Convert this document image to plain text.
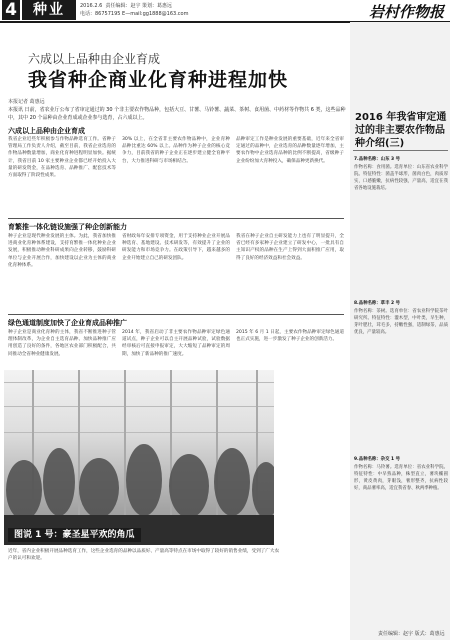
4	种业	2016.2.6 责任编辑：赵宇 策划：葛惠远
电话：86757195 E—mail:gg1888@163.com	岩村作物报
六成以上品种由企业育成
我省种企商业化育种进程加快
本报记者 葛惠远
本报讯 日前，省农业厅公布了省审定通过的 30 个非主要农作物品种，包括大豆、甘薯、马铃薯、蔬菜、茶树、食用菌、中药材等作物共 6 类，这些品种中，其中 20 个品种由企业育成或企业参与选育，占六成以上。
六成以上品种由企业育成
我省企业近些年积极参与作物品种选育工作。省种子管理局工作负责人介绍，截至目前，我省企业选育的作物品种数量增加，商业化育种进程明显加快。据统计，我省目前 10 家主要种业企业都已经开始投入大量的研发资金，在品种选育、品种推广、配套技术等方面取得了阶段性成果。
30% 以上，在全省非主要农作物品种中，企业育种品种比重达 60% 以上。品种作为种子企业的核心竞争力，目前我省的种子企业正在逐步建立健全育种平台，大力推进科研与市场相结合。
品种审定工作是种业发展的重要基础，近年来全省审定通过的品种中，企业选育的品种数量逐年增加，主要农作物中企业选育品种的比例不断提高，省级种子企业纷纷加大育种投入，确保品种更新换代。
育繁推一体化链设施强了种企创新能力
种子企业是现代种业发展的主体。为此，我省加快推进商业化育种体系建设，支持育繁推一体化种业企业发展，积极推动种业科研成果向企业转移，鼓励科研单位与企业开展合作，加快建设以企业为主体的商业化育种体系。
省财政每年安排专项资金，用于支持种业企业开展品种选育、基地建设、技术研发等，有效提升了企业的研发能力和市场竞争力。在政策引导下，越来越多的企业开始建立自己的研发团队。
我省在种子企业自主研发能力上也有了明显提升，全省已经有多家种子企业建立了研发中心，一批具有自主知识产权的品种在生产上得到大面积推广应用，取得了良好的经济效益和社会效益。
绿色通道制度加快了企业育成品种推广
种子企业是商业化育种的主体，我省不断推进种子管理体制改革，为企业自主选育品种、加快品种推广应用创造了良好的条件，各地区农业部门积极配合，共同推动全省种业健康发展。
2014 年，我省启动了非主要农作物品种审定绿色通道试点，种子企业可以自主开展品种试验，试验数据经审核后可直接申报审定，大大缩短了品种审定的周期，加快了新品种的推广速度。
2015 年 6 月 1 日起，主要农作物品种审定绿色通道也正式实施，进一步激发了种子企业的创新活力。
图说 1 号：豪圣星平欢的角瓜
近年，省内企业积极开展品种选育工作，这些企业选育的品种以品质好、产量高等特点在市场中取得了较好的销售业绩，受到了广大农户的认可和欢迎。
2016 年我省审定通过的非主要农作物品种介绍(三)
7.品种名称：山东 3 号
作物名称：食用菌。选育单位：山东省农业科学院。特征特性：菌盖半球形，菌肉白色，肉质厚实，口感脆嫩，抗病性较强，产量高，适宜在我省各地设施栽培。
8.品种名称：草丰 2 号
作物名称：茶树。选育单位：省农业科学院茶叶研究所。特征特性：灌木型，中叶类，早生种，芽叶肥壮，茸毛多，持嫩性强，适制绿茶，品质优良，产量较高。
9.品种名称：杂交 1 号
作物名称：马铃薯。选育单位：省农业科学院。特征特性：中早熟品种，株型直立，薯块椭圆形，黄皮黄肉，芽眼浅，薯形整齐，抗病性较好，商品薯率高，适宜我省春、秋两季种植。
责任编辑：赵宇 版式：葛惠远
